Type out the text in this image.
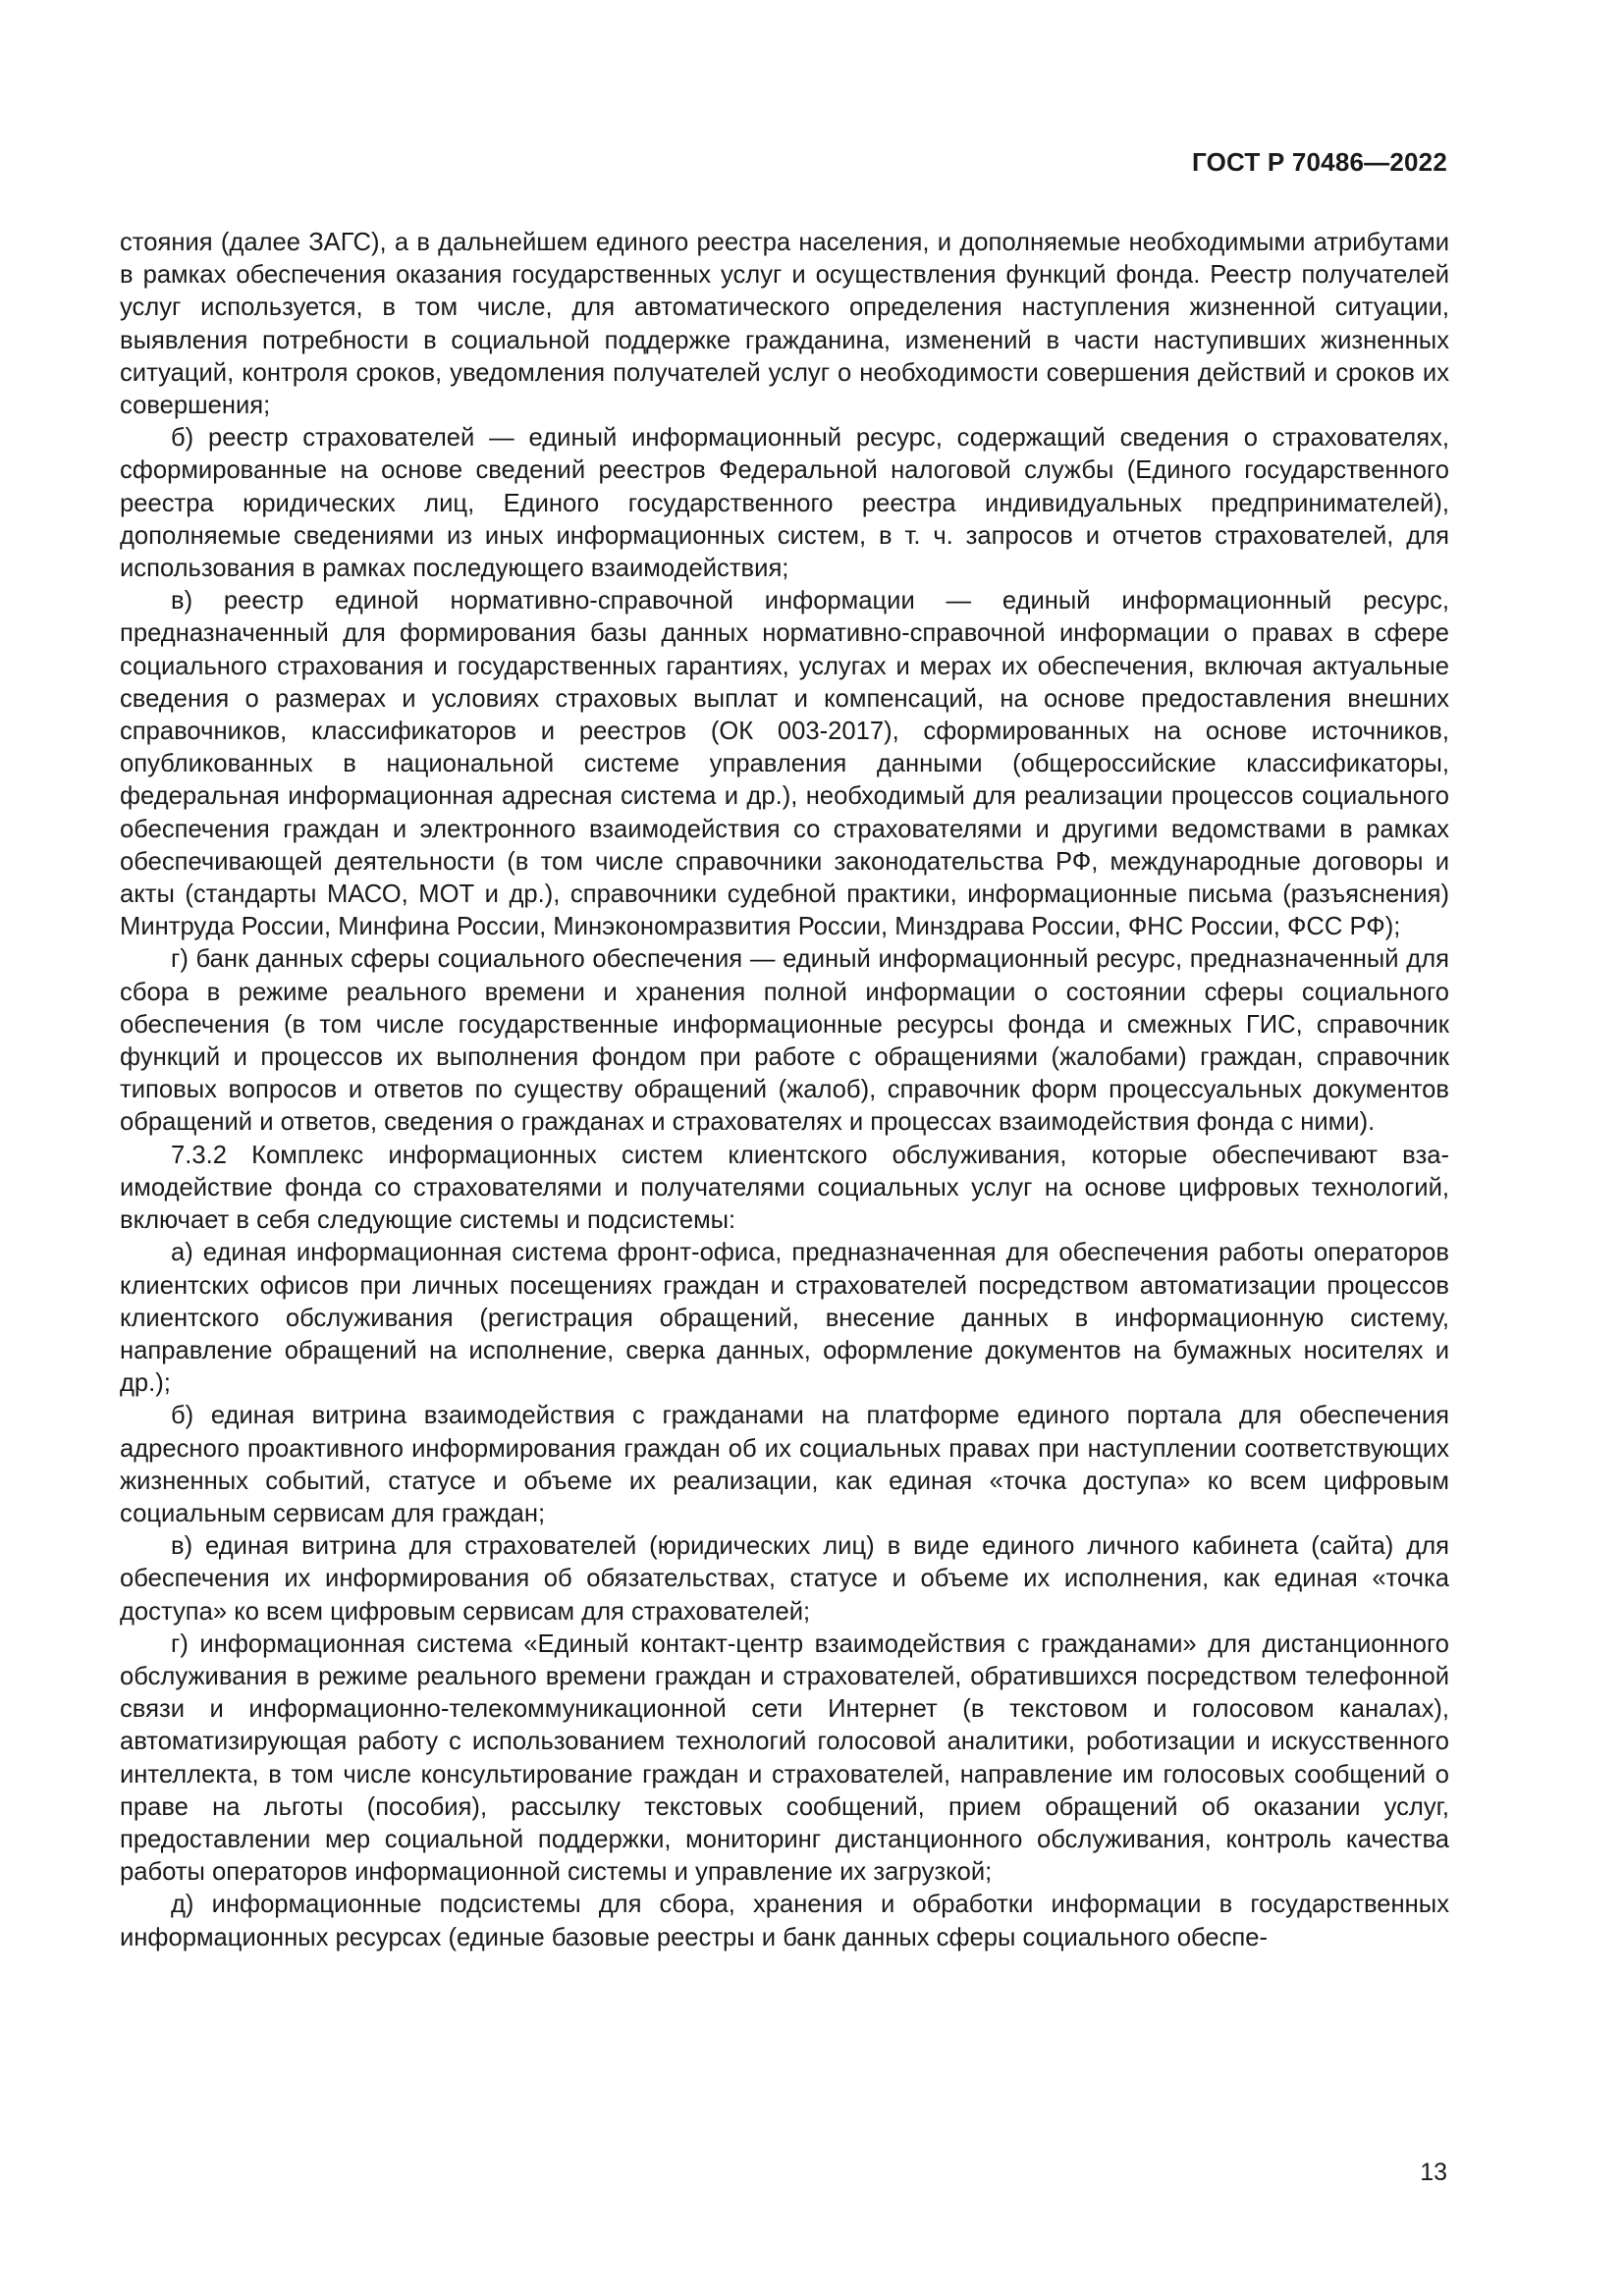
ГОСТ Р 70486—2022

стояния (далее ЗАГС), а в дальнейшем единого реестра населения, и дополняемые необходимыми атрибутами в рамках обеспечения оказания государственных услуг и осуществления функций фонда. Реестр получателей услуг используется, в том числе, для автоматического определения наступления жизненной ситуации, выявления потребности в социальной поддержке гражданина, изменений в части наступивших жизненных ситуаций, контроля сроков, уведомления получателей услуг о необходимости совершения действий и сроков их совершения;

б) реестр страхователей — единый информационный ресурс, содержащий сведения о страхователях, сформированные на основе сведений реестров Федеральной налоговой службы (Единого государственного реестра юридических лиц, Единого государственного реестра индивидуальных предпринимателей), дополняемые сведениями из иных информационных систем, в т. ч. запросов и отчетов страхователей, для использования в рамках последующего взаимодействия;

в) реестр единой нормативно-справочной информации — единый информационный ресурс, предназначенный для формирования базы данных нормативно-справочной информации о правах в сфере социального страхования и государственных гарантиях, услугах и мерах их обеспечения, включая актуальные сведения о размерах и условиях страховых выплат и компенсаций, на основе предоставления внешних справочников, классификаторов и реестров (ОК 003-2017), сформированных на основе источников, опубликованных в национальной системе управления данными (общероссийские классификаторы, федеральная информационная адресная система и др.), необходимый для реализации процессов социального обеспечения граждан и электронного взаимодействия со страхователями и другими ведомствами в рамках обеспечивающей деятельности (в том числе справочники законодательства РФ, международные договоры и акты (стандарты МАСО, МОТ и др.), справочники судебной практики, информационные письма (разъяснения) Минтруда России, Минфина России, Минэкономразвития России, Минздрава России, ФНС России, ФСС РФ);

г) банк данных сферы социального обеспечения — единый информационный ресурс, предназначенный для сбора в режиме реального времени и хранения полной информации о состоянии сферы социального обеспечения (в том числе государственные информационные ресурсы фонда и смежных ГИС, справочник функций и процессов их выполнения фондом при работе с обращениями (жалобами) граждан, справочник типовых вопросов и ответов по существу обращений (жалоб), справочник форм процессуальных документов обращений и ответов, сведения о гражданах и страхователях и процессах взаимодействия фонда с ними).

7.3.2 Комплекс информационных систем клиентского обслуживания, которые обеспечивают взаимодействие фонда со страхователями и получателями социальных услуг на основе цифровых технологий, включает в себя следующие системы и подсистемы:

а) единая информационная система фронт-офиса, предназначенная для обеспечения работы операторов клиентских офисов при личных посещениях граждан и страхователей посредством автоматизации процессов клиентского обслуживания (регистрация обращений, внесение данных в информационную систему, направление обращений на исполнение, сверка данных, оформление документов на бумажных носителях и др.);

б) единая витрина взаимодействия с гражданами на платформе единого портала для обеспечения адресного проактивного информирования граждан об их социальных правах при наступлении соответствующих жизненных событий, статусе и объеме их реализации, как единая «точка доступа» ко всем цифровым социальным сервисам для граждан;

в) единая витрина для страхователей (юридических лиц) в виде единого личного кабинета (сайта) для обеспечения их информирования об обязательствах, статусе и объеме их исполнения, как единая «точка доступа» ко всем цифровым сервисам для страхователей;

г) информационная система «Единый контакт-центр взаимодействия с гражданами» для дистанционного обслуживания в режиме реального времени граждан и страхователей, обратившихся посредством телефонной связи и информационно-телекоммуникационной сети Интернет (в текстовом и голосовом каналах), автоматизирующая работу с использованием технологий голосовой аналитики, роботизации и искусственного интеллекта, в том числе консультирование граждан и страхователей, направление им голосовых сообщений о праве на льготы (пособия), рассылку текстовых сообщений, прием обращений об оказании услуг, предоставлении мер социальной поддержки, мониторинг дистанционного обслуживания, контроль качества работы операторов информационной системы и управление их загрузкой;

д) информационные подсистемы для сбора, хранения и обработки информации в государственных информационных ресурсах (единые базовые реестры и банк данных сферы социального обеспе-

13
